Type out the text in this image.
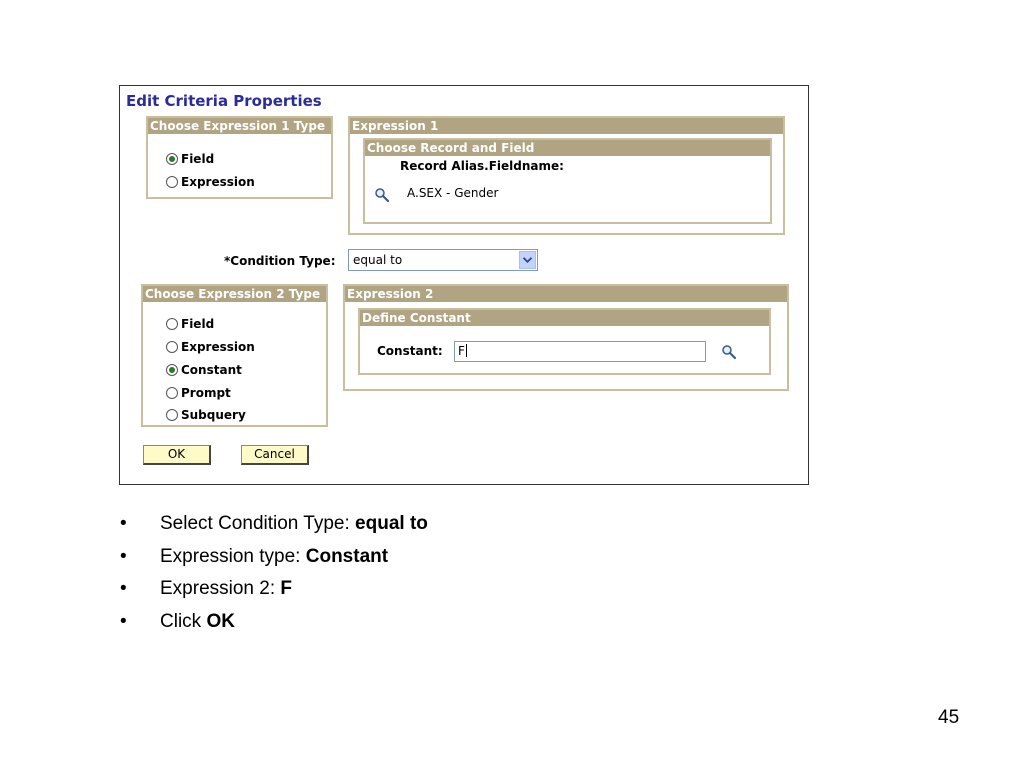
Edit Criteria Properties
Choose Expression 1 Type
Field
Expression
Expression 1
Choose Record and Field
Record Alias.Fieldname:
A.SEX - Gender
*Condition Type:	equal to
Choose Expression 2 Type
Field
Expression
Constant
Prompt
Subquery
Expression 2
Define Constant
Constant:	F
OK	Cancel
• Select Condition Type: equal to
• Expression type: Constant
• Expression 2: F
• Click OK
45
